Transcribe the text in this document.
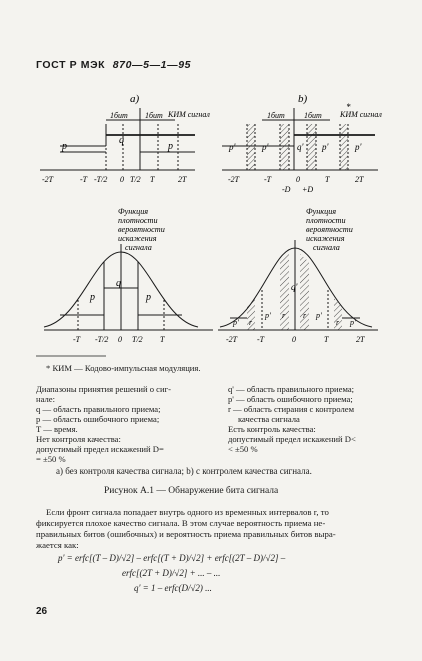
ГОСТ Р МЭК 870—5—1—95
а)
1бит 1бит КИМ сигнал
p
q
p
-2T	-T -T/2 0 T/2 T	2T
b)
1бит 1бит КИМ сигнал
*
p'	p'	q' p'	p'
-2T	-T	0	T	2T
-D +D
Функция
плотности
вероятности
искажения
сигнала
p
q
p
-T -T/2 0 T/2 T
Функция
плотности
вероятности
искажения
сигнала
p' r
p' r
q'
r p'
r p'
-2T -T	0	T	2T
* КИМ — Кодово-импульсная модуляция.
Диапазоны принятия решений о сиг-
нале:
q — область правильного приема;
p — область ошибочного приема;
T — время.
Нет контроля качества:
допустимый предел искажений D=
= ±50 %
q' — область правильного приема;
p' — область ошибочного приема;
r — область стирания с контролем
качества сигнала
Есть контроль качества:
допустимый предел искажений D<
< ±50 %
а) без контроля качества сигнала; b) с контролем качества сигнала.
Рисунок А.1 — Обнаружение бита сигнала
Если фронт сигнала попадает внутрь одного из временных интервалов r, то
фиксируется плохое качество сигнала. В этом случае вероятность приема не-
правильных битов (ошибочных) и вероятность приема правильных битов выра-
жается как:
p' = erfc[(T – D)/√2] – erfc[(T + D)/√2] + erfc[(2T – D)/√2] –
erfc[(2T + D)/√2] + ... – ...
q' = 1 – erfc(D/√2) ...
26
